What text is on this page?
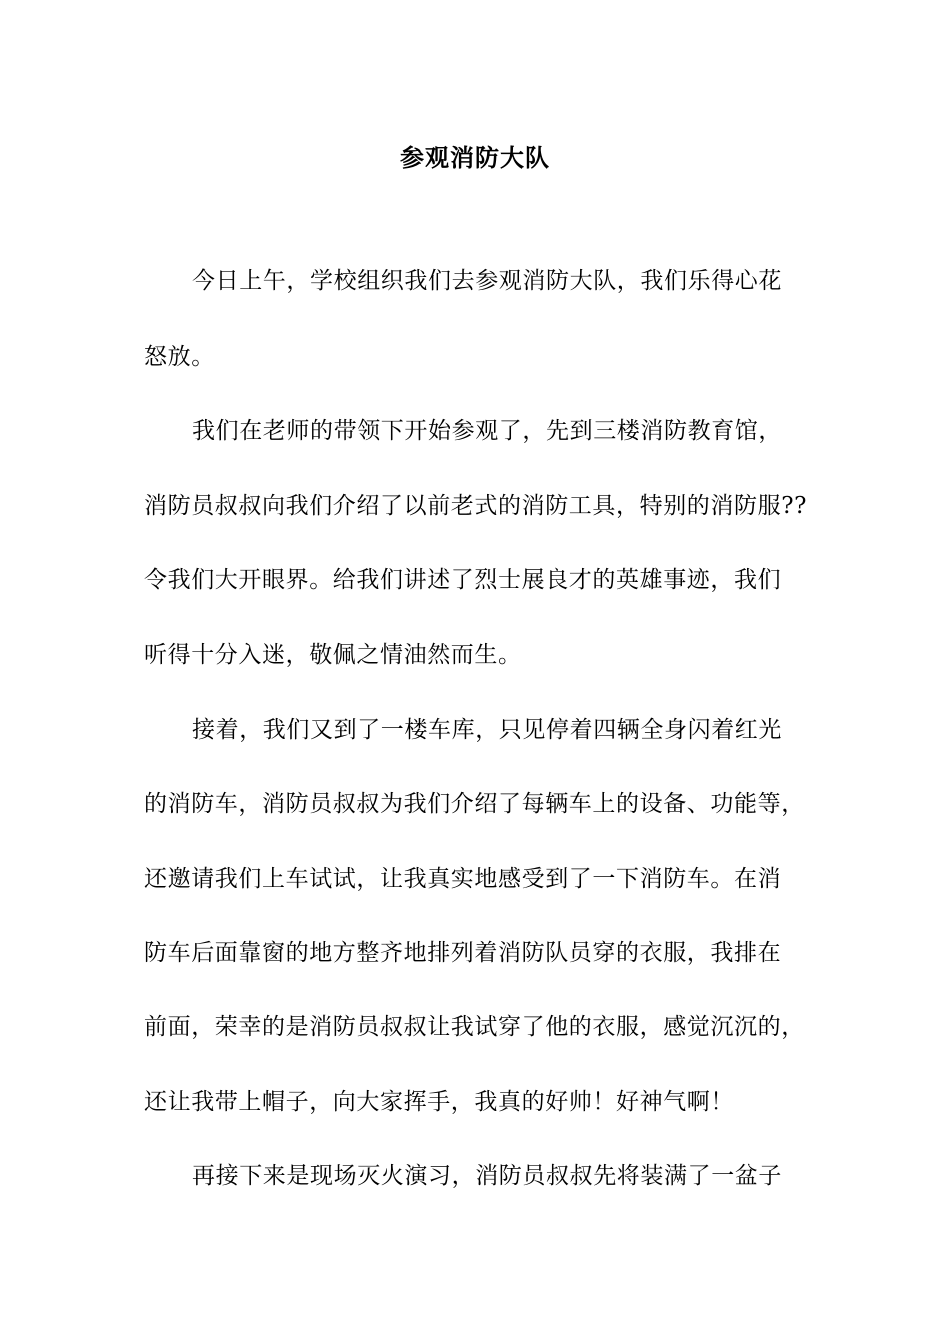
参观消防大队
今日上午，学校组织我们去参观消防大队，我们乐得心花
怒放。
我们在老师的带领下开始参观了，先到三楼消防教育馆，
消防员叔叔向我们介绍了以前老式的消防工具，特别的消防服??
令我们大开眼界。给我们讲述了烈士展良才的英雄事迹，我们
听得十分入迷，敬佩之情油然而生。
接着，我们又到了一楼车库，只见停着四辆全身闪着红光
的消防车，消防员叔叔为我们介绍了每辆车上的设备、功能等，
还邀请我们上车试试，让我真实地感受到了一下消防车。在消
防车后面靠窗的地方整齐地排列着消防队员穿的衣服，我排在
前面，荣幸的是消防员叔叔让我试穿了他的衣服，感觉沉沉的，
还让我带上帽子，向大家挥手，我真的好帅！好神气啊！
再接下来是现场灭火演习，消防员叔叔先将装满了一盆子
